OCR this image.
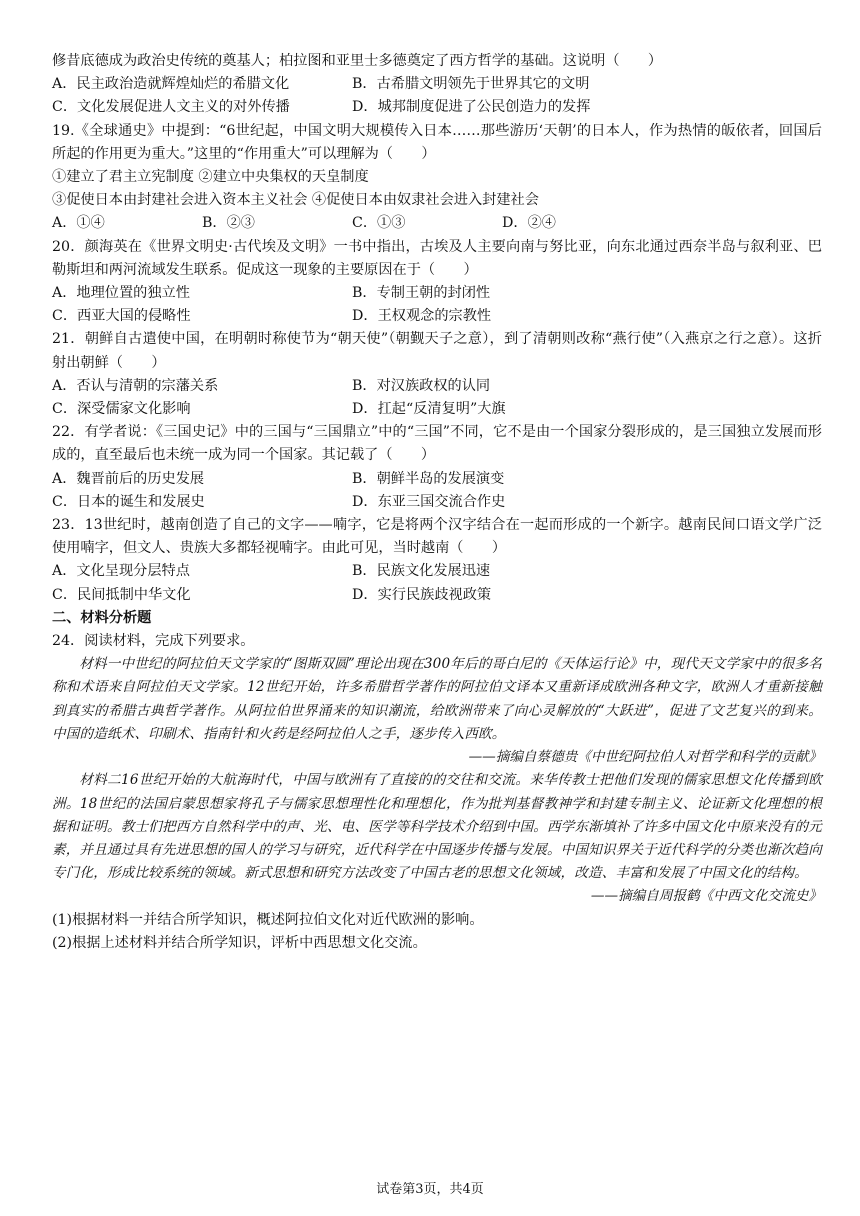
修昔底德成为政治史传统的奠基人；柏拉图和亚里士多德奠定了西方哲学的基础。这说明（　　）
A．民主政治造就辉煌灿烂的希腊文化	B．古希腊文明领先于世界其它的文明
C．文化发展促进人文主义的对外传播	D．城邦制度促进了公民创造力的发挥
19.《全球通史》中提到：“6世纪起，中国文明大规模传入日本……那些游历‘天朝’的日本人，作为热情的皈依者，回国后所起的作用更为重大。”这里的“作用重大”可以理解为（　　）
①建立了君主立宪制度 ②建立中央集权的天皇制度
③促使日本由封建社会进入资本主义社会 ④促使日本由奴隶社会进入封建社会
A．①④	B．②③	C．①③	D．②④
20．颜海英在《世界文明史·古代埃及文明》一书中指出，古埃及人主要向南与努比亚，向东北通过西奈半岛与叙利亚、巴勒斯坦和两河流域发生联系。促成这一现象的主要原因在于（　　）
A．地理位置的独立性	B．专制王朝的封闭性
C．西亚大国的侵略性	D．王权观念的宗教性
21．朝鲜自古遣使中国，在明朝时称使节为“朝天使”（朝觐天子之意），到了清朝则改称“燕行使”（入燕京之行之意）。这折射出朝鲜（　　）
A．否认与清朝的宗藩关系	B．对汉族政权的认同
C．深受儒家文化影响	D．扛起“反清复明”大旗
22．有学者说：《三国史记》中的三国与“三国鼎立”中的“三国”不同，它不是由一个国家分裂形成的，是三国独立发展而形成的，直至最后也未统一成为同一个国家。其记载了（　　）
A．魏晋前后的历史发展	B．朝鲜半岛的发展演变
C．日本的诞生和发展史	D．东亚三国交流合作史
23．13世纪时，越南创造了自己的文字——喃字，它是将两个汉字结合在一起而形成的一个新字。越南民间口语文学广泛使用喃字，但文人、贵族大多都轻视喃字。由此可见，当时越南（　　）
A．文化呈现分层特点	B．民族文化发展迅速
C．民间抵制中华文化	D．实行民族歧视政策
二、材料分析题
24．阅读材料，完成下列要求。
材料一中世纪的阿拉伯天文学家的“图斯双圆”理论出现在300年后的哥白尼的《天体运行论》中，现代天文学家中的很多名称和术语来自阿拉伯天文学家。12世纪开始，许多希腊哲学著作的阿拉伯文译本又重新译成欧洲各种文字，欧洲人才重新接触到真实的希腊古典哲学著作。从阿拉伯世界涌来的知识潮流，给欧洲带来了向心灵解放的“大跃进”，促进了文艺复兴的到来。中国的造纸术、印刷术、指南针和火药是经阿拉伯人之手，逐步传入西欧。
——摘编自蔡德贵《中世纪阿拉伯人对哲学和科学的贡献》
材料二16世纪开始的大航海时代，中国与欧洲有了直接的的交往和交流。来华传教士把他们发现的儒家思想文化传播到欧洲。18世纪的法国启蒙思想家将孔子与儒家思想理性化和理想化，作为批判基督教神学和封建专制主义、论证新文化理想的根据和证明。教士们把西方自然科学中的声、光、电、医学等科学技术介绍到中国。西学东渐填补了许多中国文化中原来没有的元素，并且通过具有先进思想的国人的学习与研究，近代科学在中国逐步传播与发展。中国知识界关于近代科学的分类也渐次趋向专门化，形成比较系统的领域。新式思想和研究方法改变了中国古老的思想文化领域，改造、丰富和发展了中国文化的结构。
——摘编自周报鹤《中西文化交流史》
(1)根据材料一并结合所学知识，概述阿拉伯文化对近代欧洲的影响。
(2)根据上述材料并结合所学知识，评析中西思想文化交流。
试卷第3页，共4页
